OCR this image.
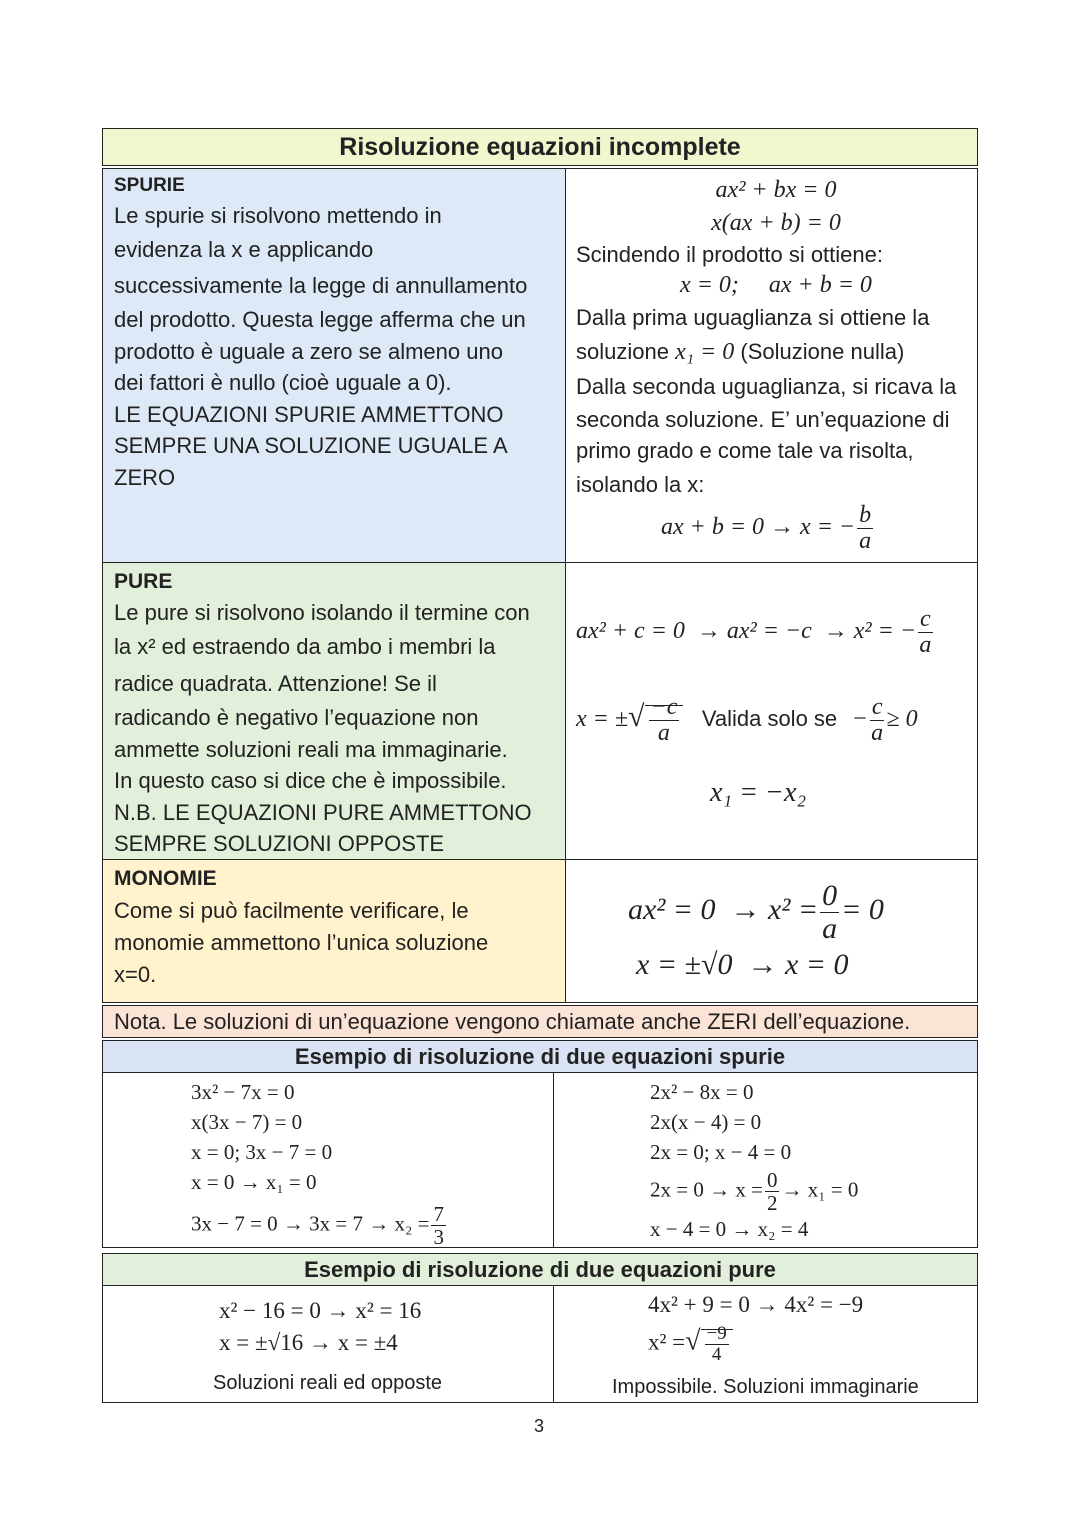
Risoluzione equazioni incomplete
SPURIE
Le spurie si risolvono mettendo in
evidenza la x e applicando
successivamente la legge di annullamento
del prodotto. Questa legge afferma che un
prodotto è uguale a zero se almeno uno
dei fattori è nullo (cioè uguale a 0).
LE EQUAZIONI SPURIE AMMETTONO
SEMPRE UNA SOLUZIONE UGUALE A ZERO
ax² + bx = 0
x(ax + b) = 0
Scindendo il prodotto si ottiene:
x = 0;     ax + b = 0
Dalla prima uguaglianza si ottiene la
soluzione x₁ = 0 (Soluzione nulla)
Dalla seconda uguaglianza, si ricava la
seconda soluzione. E’ un’equazione di
primo grado e come tale va risolta,
isolando la x:
ax + b = 0 → x = − $\frac{b}{a}$
PURE
Le pure si risolvono isolando il termine con
la x² ed estraendo da ambo i membri la
radice quadrata. Attenzione! Se il
radicando è negativo l’equazione non
ammette soluzioni reali ma immaginarie.
In questo caso si dice che è impossibile.
N.B. LE EQUAZIONI PURE AMMETTONO
SEMPRE SOLUZIONI OPPOSTE
ax² + c = 0  → ax² = −c  → x² = − $\frac{c}{a}$
x = ±√ $\frac{-c}{a}$ Valida solo se − $\frac{c}{a} \ge 0$
x₁ = −x₂
MONOMIE
Come si può facilmente verificare, le
monomie ammettono l’unica soluzione
x=0.
$ax^2 = 0 \to x^2 = \frac{0}{a} = 0$
x = ±√0  → x = 0
Nota. Le soluzioni di un’equazione vengono chiamate anche ZERI dell’equazione.
Esempio di risoluzione di due equazioni spurie
3x² − 7x = 0
x(3x − 7) = 0
x = 0; 3x − 7 = 0
x = 0 → x₁ = 0
$3x - 7 = 0 \to 3x = 7 \to x_2 = \frac{7}{3}$
2x² − 8x = 0
2x(x − 4) = 0
2x = 0; x − 4 = 0
$2x = 0 \to x = \frac{0}{2} \to x_1 = 0$
x − 4 = 0 → x₂ = 4
Esempio di risoluzione di due equazioni pure
x² − 16 = 0 → x² = 16
x = ±√16 → x = ±4
Soluzioni reali ed opposte
4x² + 9 = 0 → 4x² = −9
x² =√ $\frac{-9}{4}$
Impossibile. Soluzioni immaginarie
3
